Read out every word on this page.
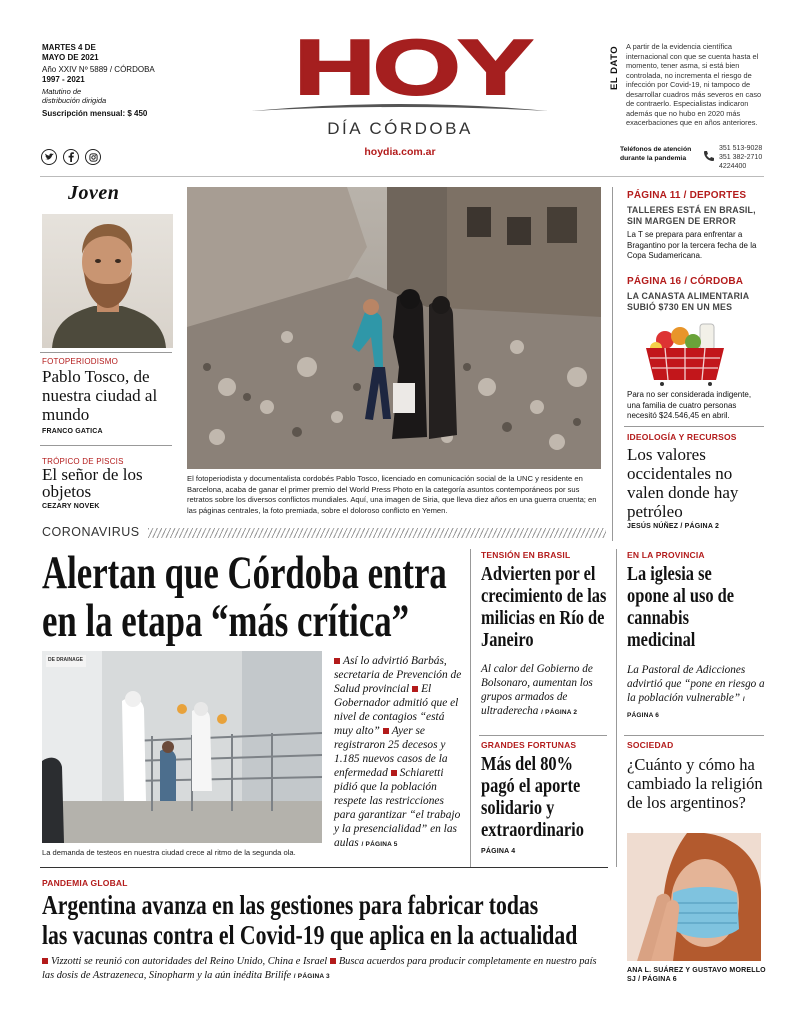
MARTES 4 DE
MAYO DE 2021
Año XXIV Nº 5889 / CÓRDOBA
1997 - 2021
Matutino de
distribución dirigida
Suscripción mensual: $ 450
HOY
DÍA CÓRDOBA
hoydia.com.ar
EL DATO A partir de la evidencia científica internacional con que se cuenta hasta el momento, tener asma, si está bien controlada, no incrementa el riesgo de infección por Covid-19, ni tampoco de desarrollar cuadros más severos en caso de contraerlo. Especialistas indicaron además que no hubo en 2020 más exacerbaciones que en años anteriores.
Teléfonos de atención durante la pandemia
351 513-9028
351 382-2710
4224400
Joven
FOTOPERIODISMO
Pablo Tosco, de nuestra ciudad al mundo
FRANCO GATICA
TRÓPICO DE PISCIS
El señor de los objetos
CEZARY NOVEK
El fotoperiodista y documentalista cordobés Pablo Tosco, licenciado en comunicación social de la UNC y residente en Barcelona, acaba de ganar el primer premio del World Press Photo en la categoría asuntos contemporáneos por sus retratos sobre los diversos conflictos mundiales. Aquí, una imagen de Siria, que lleva diez años en una guerra cruenta; en las páginas centrales, la foto premiada, sobre el doloroso conflicto en Yemen.
PÁGINA 11 / DEPORTES
TALLERES ESTÁ EN BRASIL, SIN MARGEN DE ERROR
La T se prepara para enfrentar a Bragantino por la tercera fecha de la Copa Sudamericana.
PÁGINA 16 / CÓRDOBA
LA CANASTA ALIMENTARIA SUBIÓ $730 EN UN MES
Para no ser considerada indigente, una familia de cuatro personas necesitó $24.546,45 en abril.
IDEOLOGÍA Y RECURSOS
Los valores occidentales no valen donde hay petróleo
JESÚS NÚÑEZ / PÁGINA 2
CORONAVIRUS
Alertan que Córdoba entra
en la etapa “más crítica”
DE DRAINAGE
La demanda de testeos en nuestra ciudad crece al ritmo de la segunda ola.
Así lo advirtió Barbás, secretaria de Prevención de Salud provincial El Gobernador admitió que el nivel de contagios “está muy alto” Ayer se registraron 25 decesos y 1.185 nuevos casos de la enfermedad Schiaretti pidió que la población respete las restricciones para garantizar “el trabajo y la presencialidad” en las aulas / PÁGINA 5
TENSIÓN EN BRASIL
Advierten por el crecimiento de las milicias en Río de Janeiro
Al calor del Gobierno de Bolsonaro, aumentan los grupos armados de ultraderecha / PÁGINA 2
GRANDES FORTUNAS
Más del 80% pagó el aporte solidario y extraordinario
PÁGINA 4
EN LA PROVINCIA
La iglesia se opone al uso de cannabis medicinal
La Pastoral de Adicciones advirtió que “pone en riesgo a la población vulnerable” / PÁGINA 6
SOCIEDAD
¿Cuánto y cómo ha cambiado la religión de los argentinos?
ANA L. SUÁREZ Y GUSTAVO MORELLO SJ / PÁGINA 6
PANDEMIA GLOBAL
Argentina avanza en las gestiones para fabricar todas
las vacunas contra el Covid-19 que aplica en la actualidad
Vizzotti se reunió con autoridades del Reino Unido, China e Israel Busca acuerdos para producir completamente en nuestro país las dosis de Astrazeneca, Sinopharm y la aún inédita Brilife / PÁGINA 3
